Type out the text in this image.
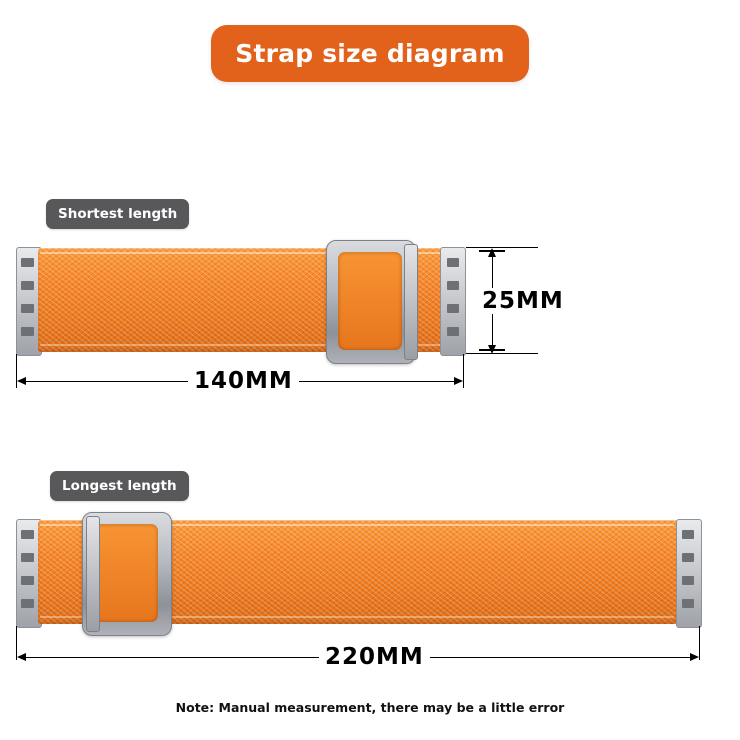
Strap size diagram
Shortest length
25MM
140MM
Longest length
220MM
Note: Manual measurement, there may be a little error
